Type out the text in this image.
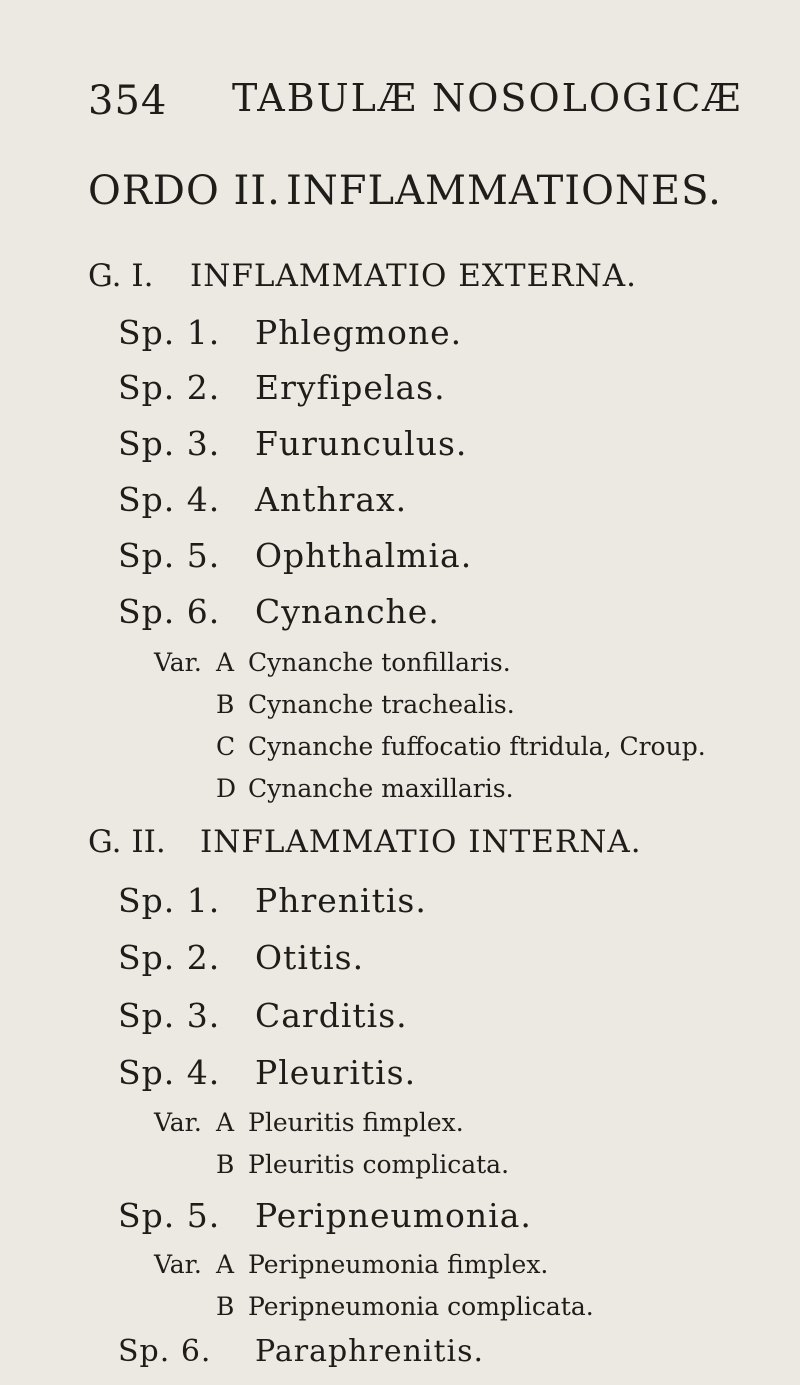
354 TABULÆ NOSOLOGICÆ
ORDO II. INFLAMMATIONES.
G. I. INFLAMMATIO EXTERNA.
Sp. 1. Phlegmone.
Sp. 2. Eryfipelas.
Sp. 3. Furunculus.
Sp. 4. Anthrax.
Sp. 5. Ophthalmia.
Sp. 6. Cynanche.
Var. A Cynanche tonfillaris.
B Cynanche trachealis.
C Cynanche fuffocatio ftridula, Croup.
D Cynanche maxillaris.
G. II. INFLAMMATIO INTERNA.
Sp. 1. Phrenitis.
Sp. 2. Otitis.
Sp. 3. Carditis.
Sp. 4. Pleuritis.
Var. A Pleuritis fimplex.
B Pleuritis complicata.
Sp. 5. Peripneumonia.
Var. A Peripneumonia fimplex.
B Peripneumonia complicata.
Sp. 6. Paraphrenitis.
